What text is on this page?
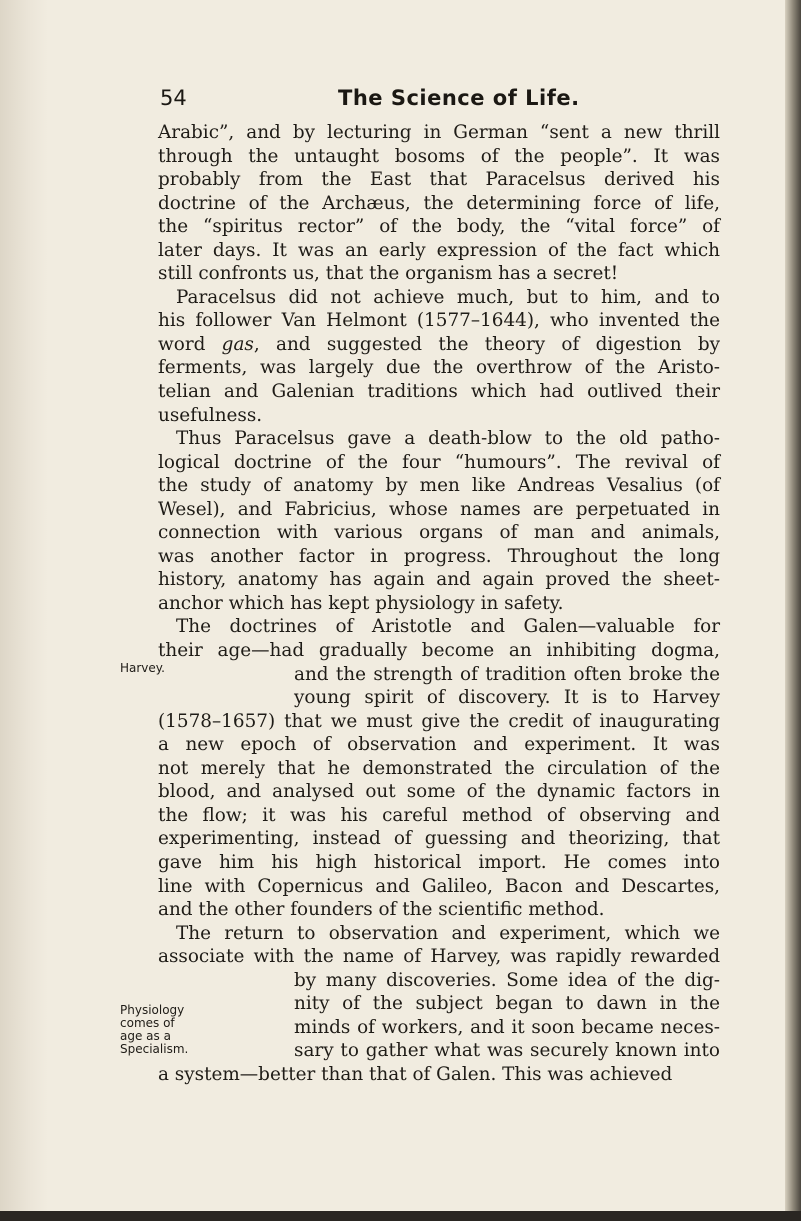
54	The Science of Life.
Harvey.
Physiology
comes of
age as a
Specialism.
Arabic”, and by lecturing in German “sent a new thrill
through the untaught bosoms of the people”. It was
probably from the East that Paracelsus derived his
doctrine of the Archæus, the determining force of life,
the “spiritus rector” of the body, the “vital force” of
later days. It was an early expression of the fact which
still confronts us, that the organism has a secret!
Paracelsus did not achieve much, but to him, and to
his follower Van Helmont (1577–1644), who invented the
word gas, and suggested the theory of digestion by
ferments, was largely due the overthrow of the Aristo-
telian and Galenian traditions which had outlived their
usefulness.
Thus Paracelsus gave a death-blow to the old patho-
logical doctrine of the four “humours”. The revival of
the study of anatomy by men like Andreas Vesalius (of
Wesel), and Fabricius, whose names are perpetuated in
connection with various organs of man and animals,
was another factor in progress. Throughout the long
history, anatomy has again and again proved the sheet-
anchor which has kept physiology in safety.
The doctrines of Aristotle and Galen—valuable for
their age—had gradually become an inhibiting dogma,
and the strength of tradition often broke the
young spirit of discovery. It is to Harvey
(1578–1657) that we must give the credit of inaugurating
a new epoch of observation and experiment. It was
not merely that he demonstrated the circulation of the
blood, and analysed out some of the dynamic factors in
the flow; it was his careful method of observing and
experimenting, instead of guessing and theorizing, that
gave him his high historical import. He comes into
line with Copernicus and Galileo, Bacon and Descartes,
and the other founders of the scientific method.
The return to observation and experiment, which we
associate with the name of Harvey, was rapidly rewarded
by many discoveries. Some idea of the dig-
nity of the subject began to dawn in the
minds of workers, and it soon became neces-
sary to gather what was securely known into
a system—better than that of Galen. This was achieved
